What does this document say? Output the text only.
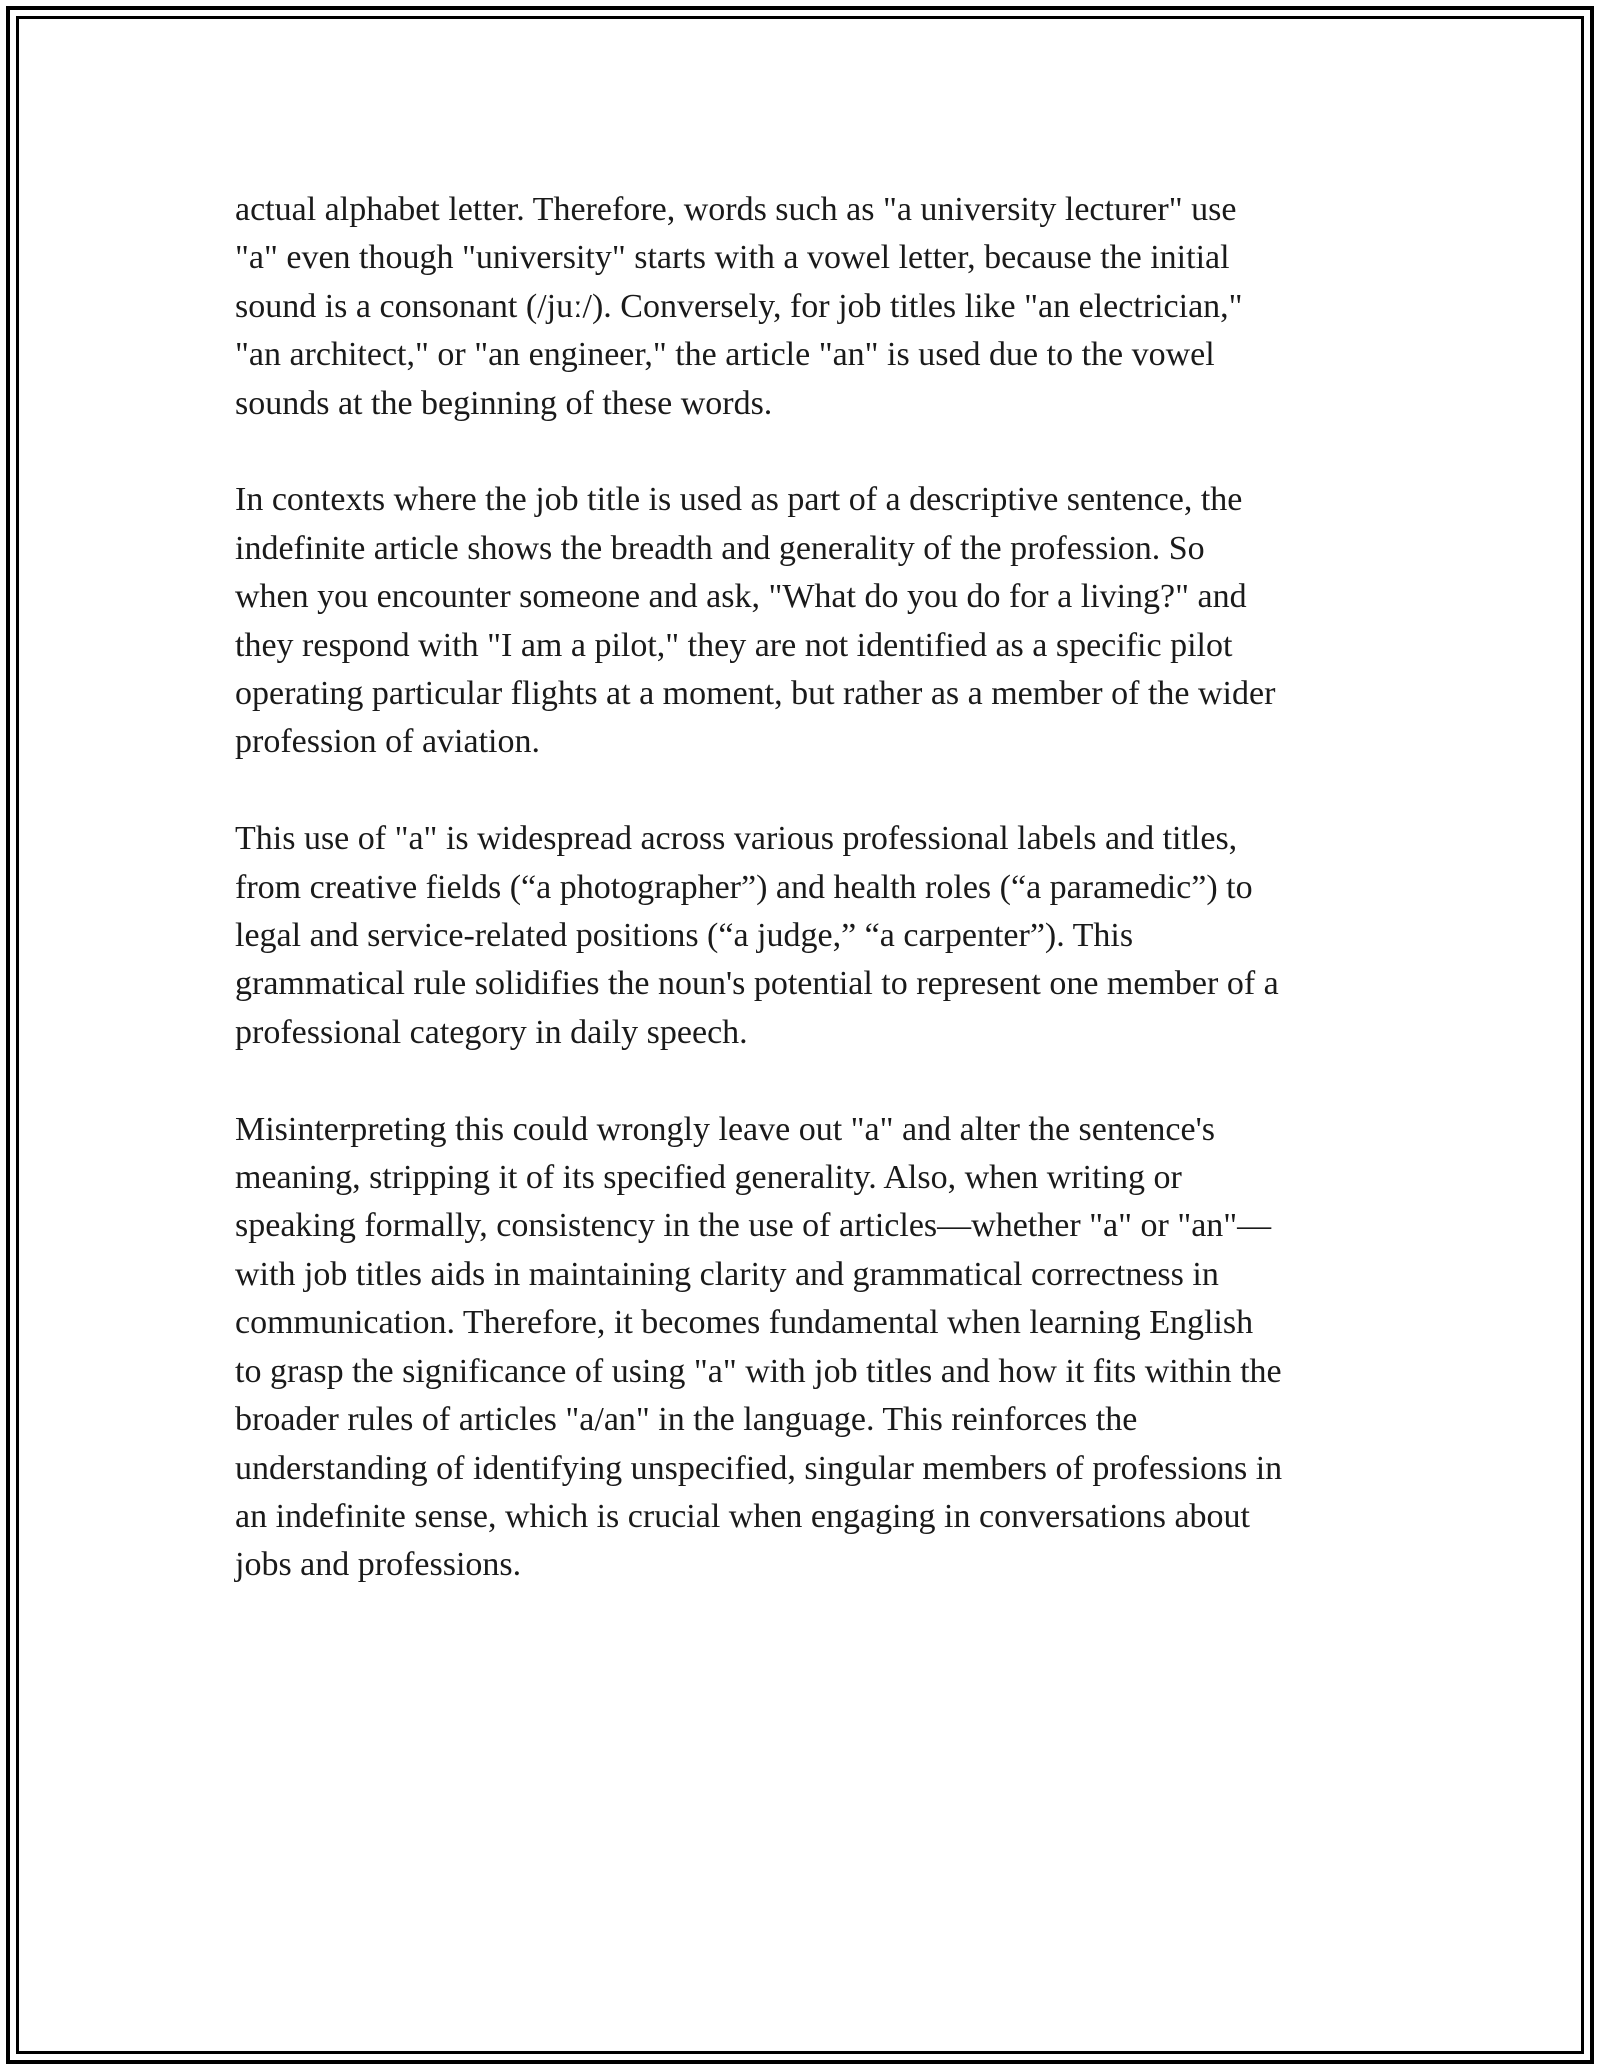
actual alphabet letter. Therefore, words such as "a university lecturer" use
"a" even though "university" starts with a vowel letter, because the initial
sound is a consonant (/juː/). Conversely, for job titles like "an electrician,"
"an architect," or "an engineer," the article "an" is used due to the vowel
sounds at the beginning of these words.

In contexts where the job title is used as part of a descriptive sentence, the
indefinite article shows the breadth and generality of the profession. So
when you encounter someone and ask, "What do you do for a living?" and
they respond with "I am a pilot," they are not identified as a specific pilot
operating particular flights at a moment, but rather as a member of the wider
profession of aviation.

This use of "a" is widespread across various professional labels and titles,
from creative fields (“a photographer”) and health roles (“a paramedic”) to
legal and service-related positions (“a judge,” “a carpenter”). This
grammatical rule solidifies the noun's potential to represent one member of a
professional category in daily speech.

Misinterpreting this could wrongly leave out "a" and alter the sentence's
meaning, stripping it of its specified generality. Also, when writing or
speaking formally, consistency in the use of articles—whether "a" or "an"—
with job titles aids in maintaining clarity and grammatical correctness in
communication. Therefore, it becomes fundamental when learning English
to grasp the significance of using "a" with job titles and how it fits within the
broader rules of articles "a/an" in the language. This reinforces the
understanding of identifying unspecified, singular members of professions in
an indefinite sense, which is crucial when engaging in conversations about
jobs and professions.
